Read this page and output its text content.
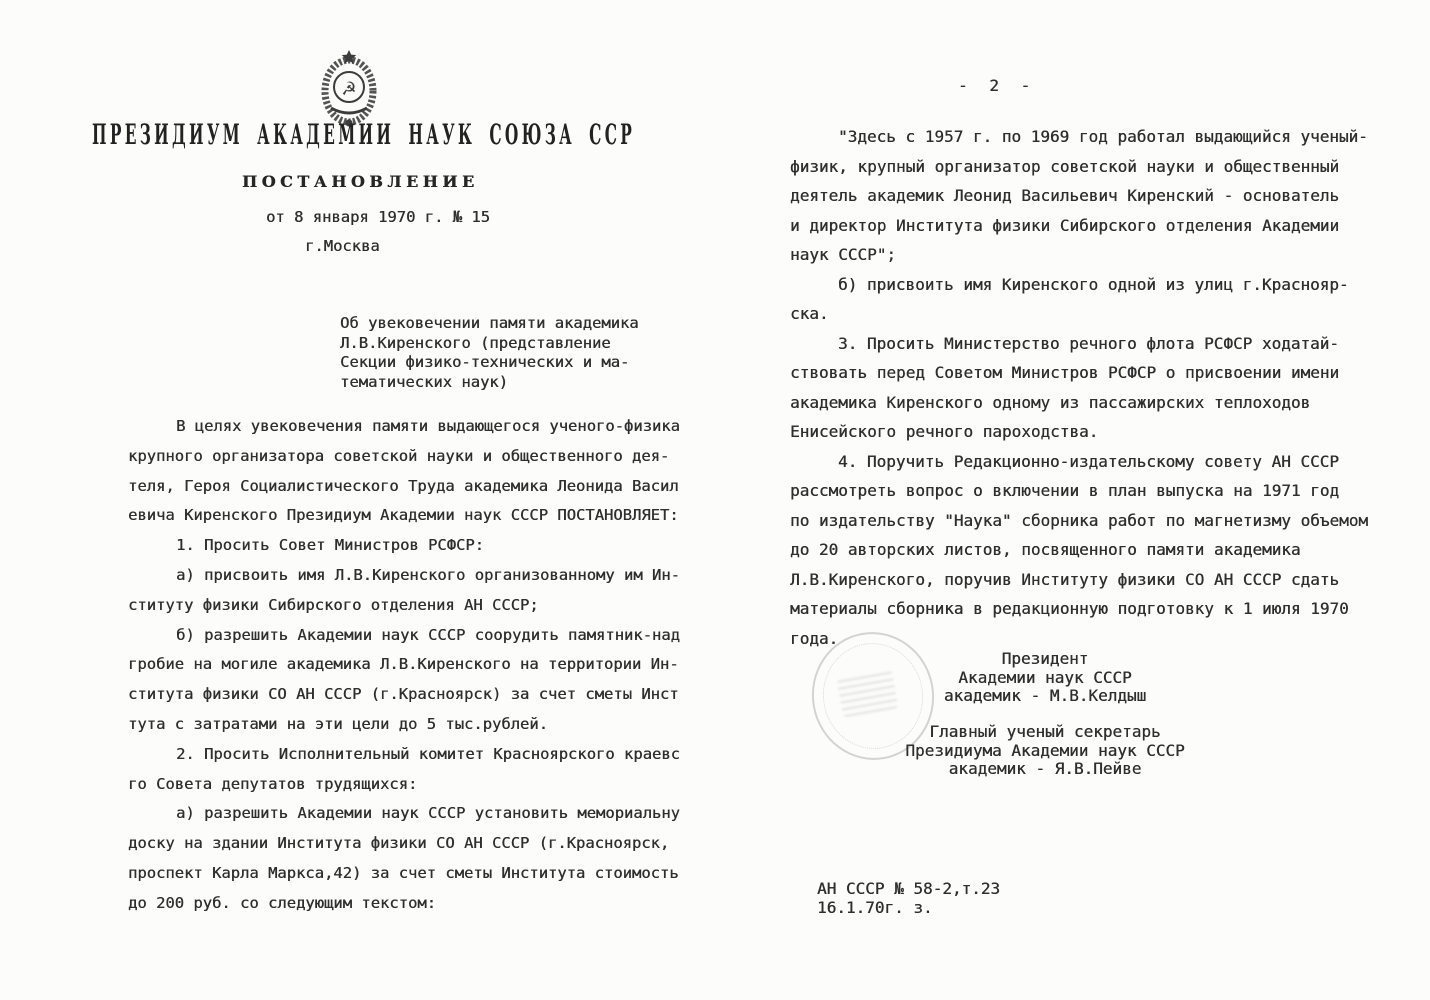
☭
ПРЕЗИДИУМ АКАДЕМИИ НАУК СОЮЗА ССР
ПОСТАНОВЛЕНИЕ
от 8 января 1970 г. № 15
г.Москва
Об увековечении памяти академика
Л.В.Киренского (представление
Секции физико-технических и ма-
тематических наук)
В целях увековечения памяти выдающегося ученого-физика
крупного организатора советской науки и общественного дея-
теля, Героя Социалистического Труда академика Леонида Васил
евича Киренского Президиум Академии наук СССР ПОСТАНОВЛЯЕТ:
1. Просить Совет Министров РСФСР:
а) присвоить имя Л.В.Киренского организованному им Ин-
ституту физики Сибирского отделения АН СССР;
б) разрешить Академии наук СССР соорудить памятник-над
гробие на могиле академика Л.В.Киренского на территории Ин-
ститута физики СО АН СССР (г.Красноярск) за счет сметы Инст
тута с затратами на эти цели до 5 тыс.рублей.
2. Просить Исполнительный комитет Красноярского краевс
го Совета депутатов трудящихся:
а) разрешить Академии наук СССР установить мемориальну
доску на здании Института физики СО АН СССР (г.Красноярск,
проспект Карла Маркса,42) за счет сметы Института стоимость
до 200 руб. со следующим текстом:
- 2 -
"Здесь с 1957 г. по 1969 год работал выдающийся ученый-
физик, крупный организатор советской науки и общественный
деятель академик Леонид Васильевич Киренский - основатель
и директор Института физики Сибирского отделения Академии
наук СССР";
б) присвоить имя Киренского одной из улиц г.Краснояр-
ска.
3. Просить Министерство речного флота РСФСР ходатай-
ствовать перед Советом Министров РСФСР о присвоении имени
академика Киренского одному из пассажирских теплоходов
Енисейского речного пароходства.
4. Поручить Редакционно-издательскому совету АН СССР
рассмотреть вопрос о включении в план выпуска на 1971 год
по издательству "Наука" сборника работ по магнетизму объемом
до 20 авторских листов, посвященного памяти академика
Л.В.Киренского, поручив Институту физики СО АН СССР сдать
материалы сборника в редакционную подготовку к 1 июля 1970
года.
Президент
Академии наук СССР
академик - М.В.Келдыш
Главный ученый секретарь
Президиума Академии наук СССР
академик - Я.В.Пейве
АН СССР № 58-2,т.23
16.1.70г. з.
